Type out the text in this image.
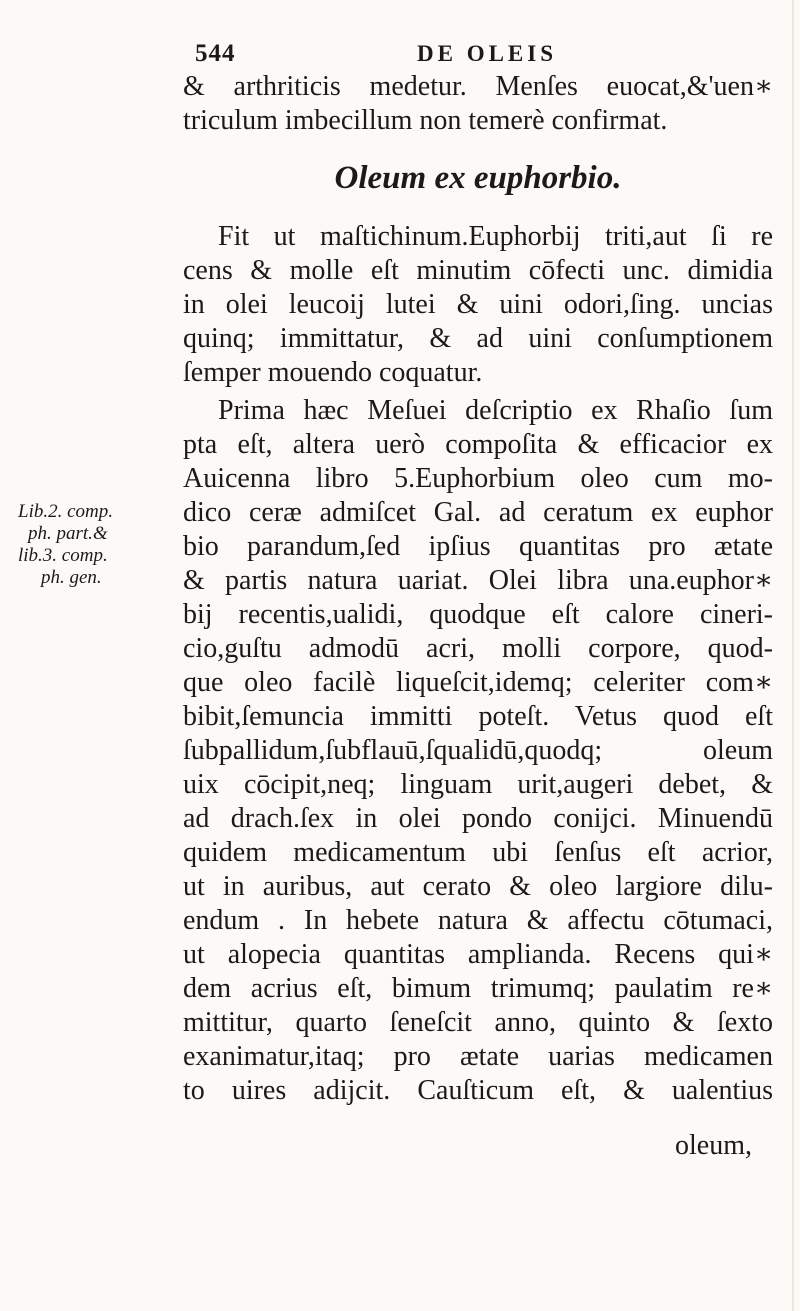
544	DE OLEIS
Lib.2. comp.
ph. part.&
lib.3. comp.
ph. gen.
& arthriticis medetur. Menſes euocat,&'uen∗
triculum imbecillum non temerè confirmat.
Oleum ex euphorbio.
Fit ut maſtichinum.Euphorbij triti,aut ſi re
cens & molle eſt minutim cōfecti unc. dimidia
in olei leucoij lutei & uini odori,ſing. uncias
quinq; immittatur, & ad uini conſumptionem
ſemper mouendo coquatur.
Prima hæc Meſuei deſcriptio ex Rhaſio ſum
pta eſt, altera uerò compoſita & efficacior ex
Auicenna libro 5.Euphorbium oleo cum mo-
dico ceræ admiſcet Gal. ad ceratum ex euphor
bio parandum,ſed ipſius quantitas pro ætate
& partis natura uariat. Olei libra una.euphor∗
bij recentis,ualidi, quodque eſt calore cineri-
cio,guſtu admodū acri, molli corpore, quod-
que oleo facilè liqueſcit,idemq; celeriter com∗
bibit,ſemuncia immitti poteſt. Vetus quod eſt
ſubpallidum,ſubflauū,ſqualidū,quodq; oleum
uix cōcipit,neq; linguam urit,augeri debet, &
ad drach.ſex in olei pondo conijci. Minuendū
quidem medicamentum ubi ſenſus eſt acrior,
ut in auribus, aut cerato & oleo largiore dilu-
endum . In hebete natura & affectu cōtumaci,
ut alopecia quantitas amplianda. Recens qui∗
dem acrius eſt, bimum trimumq; paulatim re∗
mittitur, quarto ſeneſcit anno, quinto & ſexto
exanimatur,itaq; pro ætate uarias medicamen
to uires adijcit. Cauſticum eſt, & ualentius
oleum,
